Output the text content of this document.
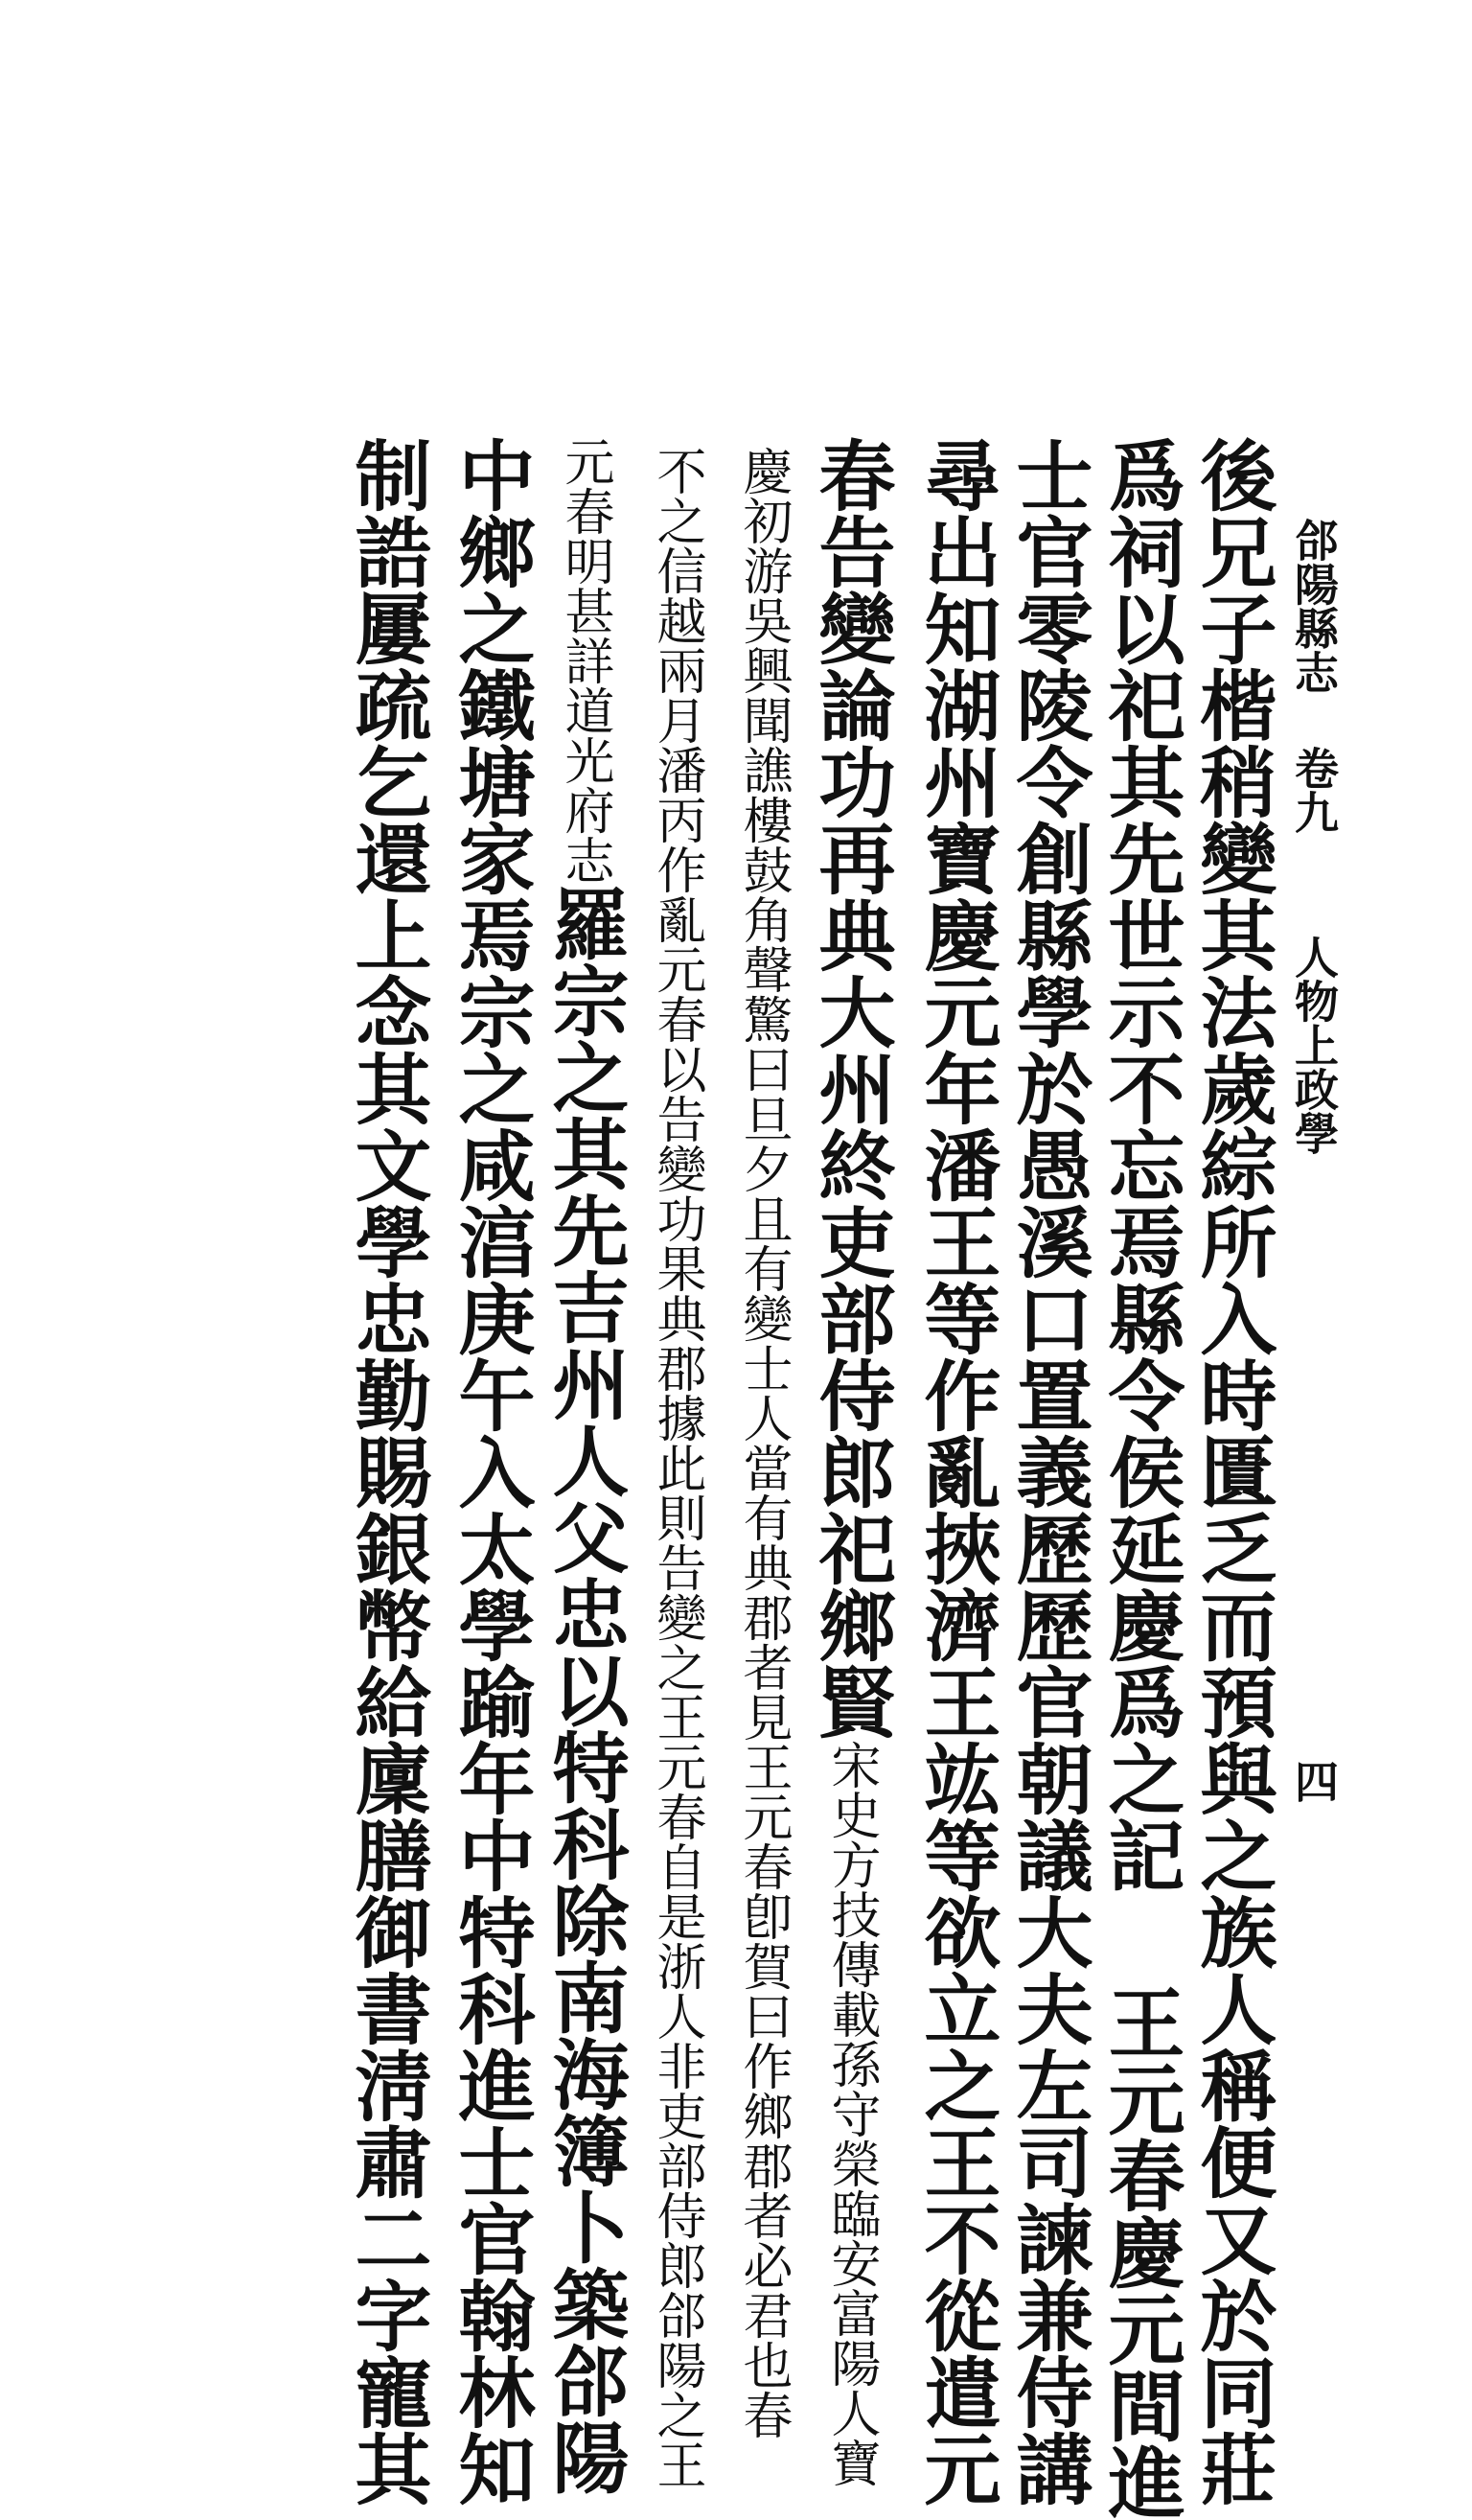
郃陽縣志 卷九
人物上政學
四
後兄子楷稍變其法歲綜所入時匱乏而預與之族人稱便又於同莊
爲祠以祀其先世示不忘焉縣令侯延慶爲之記 王元春慶元間進
士官零陵令創縣學於愚溪口置義歷歷官朝議大夫左司諫兼侍講
尋出知湖州寶慶元年潘王等作亂挾濟王竑等欲立之王不從遣元
春告變論功再典大州終吏部侍郎祀鄉賢宋史方技傳載孫守榮臨安富陽人寶
慶初游吳興聞譙樓鼓角聲驚曰旦夕且有變士人當有典郡者見王元春卽賀曰作鄉郡者必君也春
不之信越兩月潘丙作亂元春以告變功果典郡據此則告變之王元春自是浙人非吏部侍郎郃陽之王
元春明甚詳道光府志羅宗之其先吉州人父忠以特科除南海簿卜築郃陽
中鄉之鐵塘家焉宗之咸湻庚午入太學踰年中特科進士官翰林知
制誥屢疏乞還上念其文學忠勤賜銀幣給廩膳御書淸肅二字寵其
